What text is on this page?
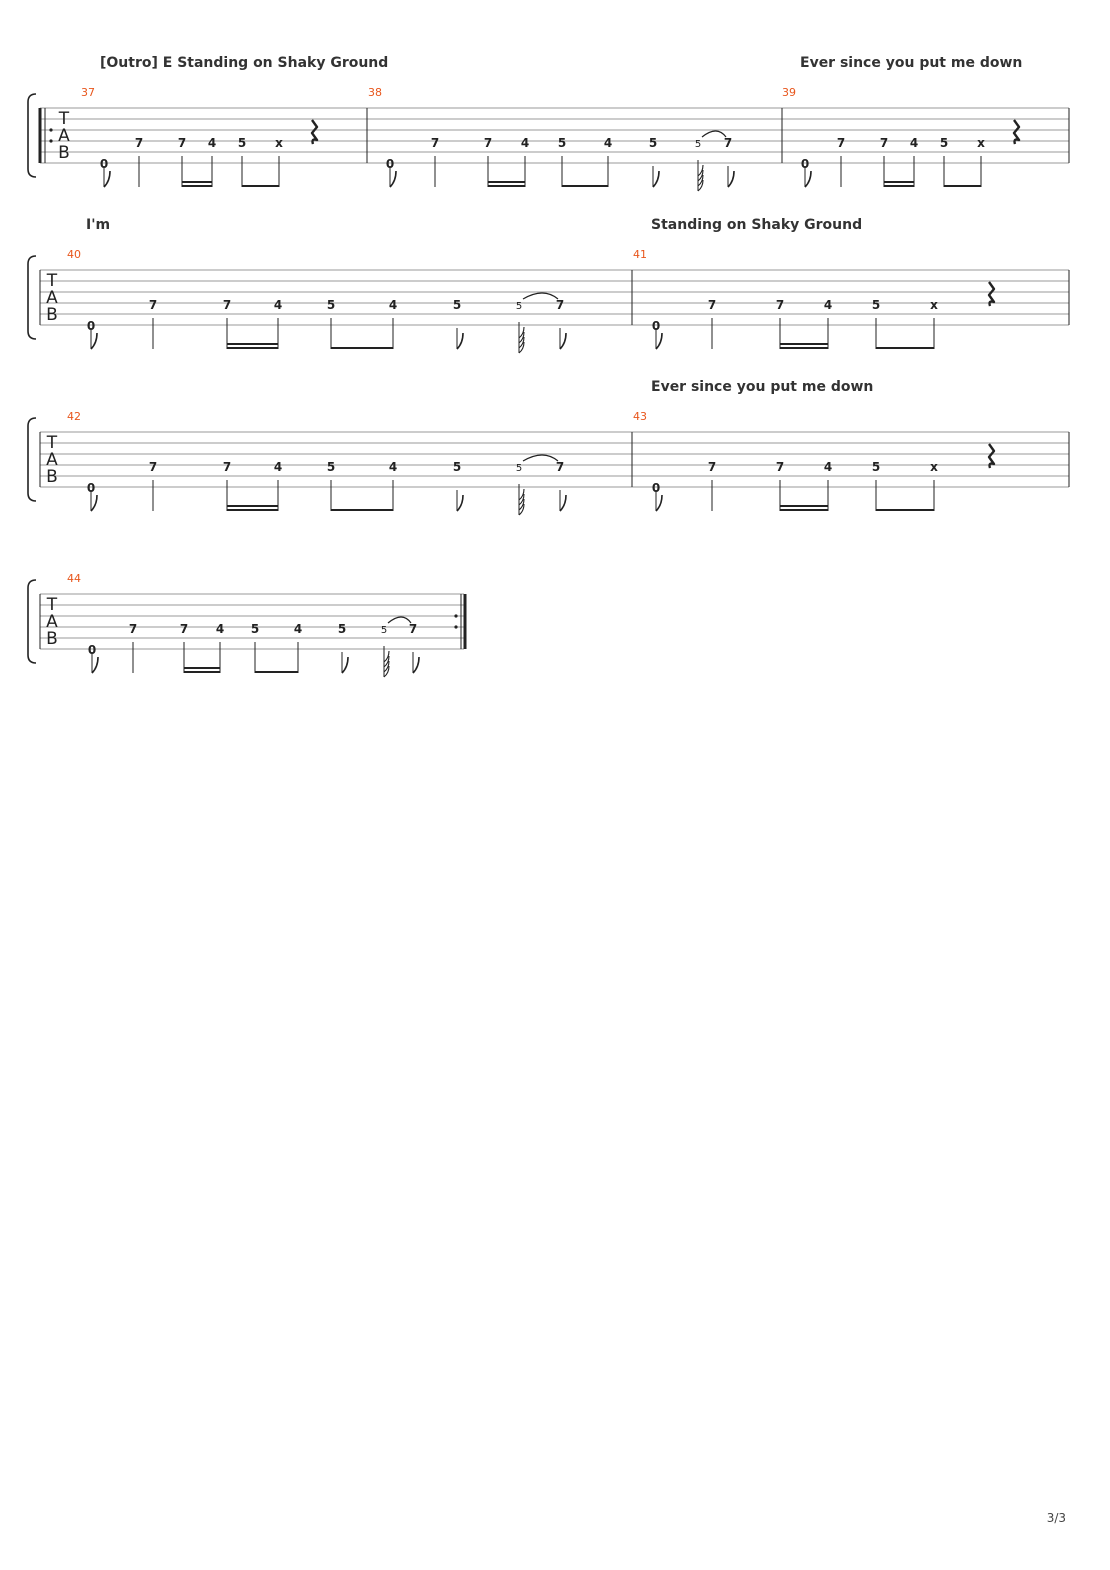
[Outro] E Standing on Shaky Ground	Ever since you put me down
I'm	Standing on Shaky Ground
Ever since you put me down
T
A
B
37
0
7	7 4 5 x
38
0
7	7 4 5	4	5	5 7
39
0
7	7 4 5 x
T
A
B
40
0
7	7	4	5	4	5	5	7
41
0
7	7	4	5	x
T
A
B
42
0
7	7	4	5	4	5	5	7
43
0
7	7	4	5	x
T
A
B
44
0
7	7 4 5	4	5	5 7
3/3
